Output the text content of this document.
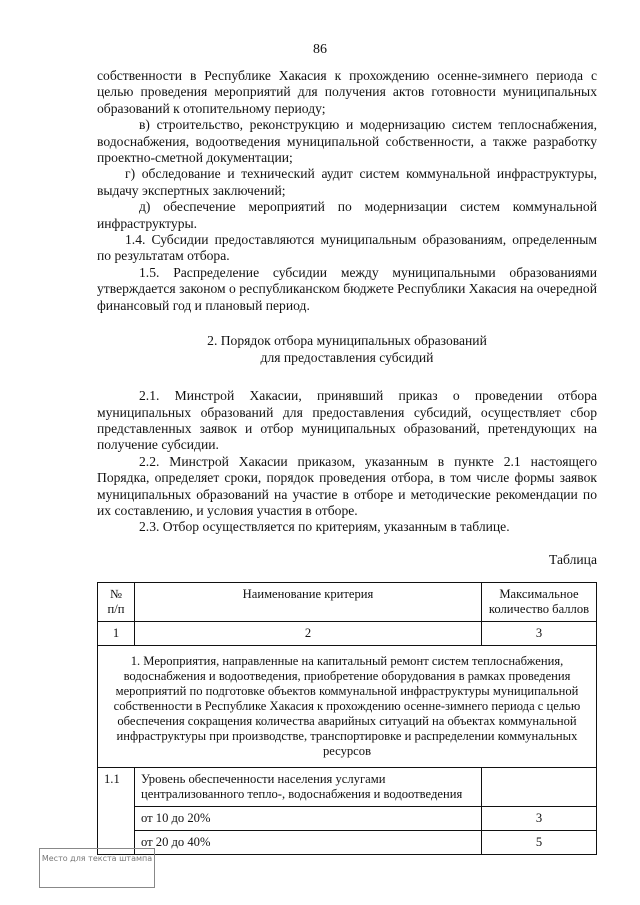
86

собственности в Республике Хакасия к прохождению осенне-зимнего периода с целью проведения мероприятий для получения актов готовности муниципальных образований к отопительному периоду;

в) строительство, реконструкцию и модернизацию систем теплоснабжения, водоснабжения, водоотведения муниципальной собственности, а также разработку проектно-сметной документации;

г) обследование и технический аудит систем коммунальной инфраструктуры, выдачу экспертных заключений;

д) обеспечение мероприятий по модернизации систем коммунальной инфраструктуры.

1.4. Субсидии предоставляются муниципальным образованиям, определенным по результатам отбора.

1.5. Распределение субсидии между муниципальными образованиями утверждается законом о республиканском бюджете Республики Хакасия на очередной финансовый год и плановый период.

2. Порядок отбора муниципальных образований
для предоставления субсидий

2.1. Минстрой Хакасии, принявший приказ о проведении отбора муниципальных образований для предоставления субсидий, осуществляет сбор представленных заявок и отбор муниципальных образований, претендующих на получение субсидии.

2.2. Минстрой Хакасии приказом, указанным в пункте 2.1 настоящего Порядка, определяет сроки, порядок проведения отбора, в том числе формы заявок муниципальных образований на участие в отборе и методические рекомендации по их составлению, и условия участия в отборе.

2.3. Отбор осуществляется по критериям, указанным в таблице.

Таблица
№ п/п	Наименование критерия	Максимальное количество баллов
1	2	3
1. Мероприятия, направленные на капитальный ремонт систем теплоснабжения, водоснабжения и водоотведения, приобретение оборудования в рамках проведения мероприятий по подготовке объектов коммунальной инфраструктуры муниципальной собственности в Республике Хакасия к прохождению осенне-зимнего периода с целью обеспечения сокращения количества аварийных ситуаций на объектах коммунальной инфраструктуры при производстве, транспортировке и распределении коммунальных ресурсов		
1.1	Уровень обеспеченности населения услугами централизованного тепло-, водоснабжения и водоотведения	
	от 10 до 20%	3
	от 20 до 40%	5
Место для текста штампа
